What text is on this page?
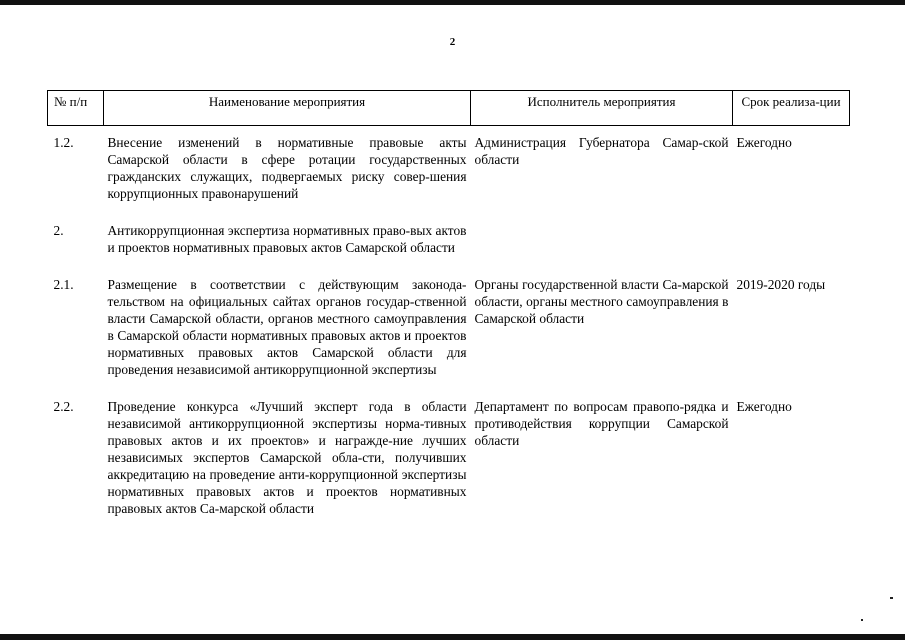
2
№ п/п	Наименование мероприятия	Исполнитель мероприятия	Срок реализа-ции
1.2.	Внесение изменений в нормативные правовые акты Самарской области в сфере ротации государственных гражданских служащих, подвергаемых риску совер-шения коррупционных правонарушений	Администрация Губернатора Самар-ской области	Ежегодно

2.	Антикоррупционная экспертиза нормативных право-вых актов и проектов нормативных правовых актов Самарской области		

2.1.	Размещение в соответствии с действующим законода-тельством на официальных сайтах органов государ-ственной власти Самарской области, органов местного самоуправления в Самарской области нормативных правовых актов и проектов нормативных правовых актов Самарской области для проведения независимой антикоррупционной экспертизы	Органы государственной власти Са-марской области, органы местного самоуправления в Самарской области	2019-2020 годы

2.2.	Проведение конкурса «Лучший эксперт года в области независимой антикоррупционной экспертизы норма-тивных правовых актов и их проектов» и награжде-ние лучших независимых экспертов Самарской обла-сти, получивших аккредитацию на проведение анти-коррупционной экспертизы нормативных правовых актов и проектов нормативных правовых актов Са-марской области	Департамент по вопросам правопо-рядка и противодействия коррупции Самарской области	Ежегодно
